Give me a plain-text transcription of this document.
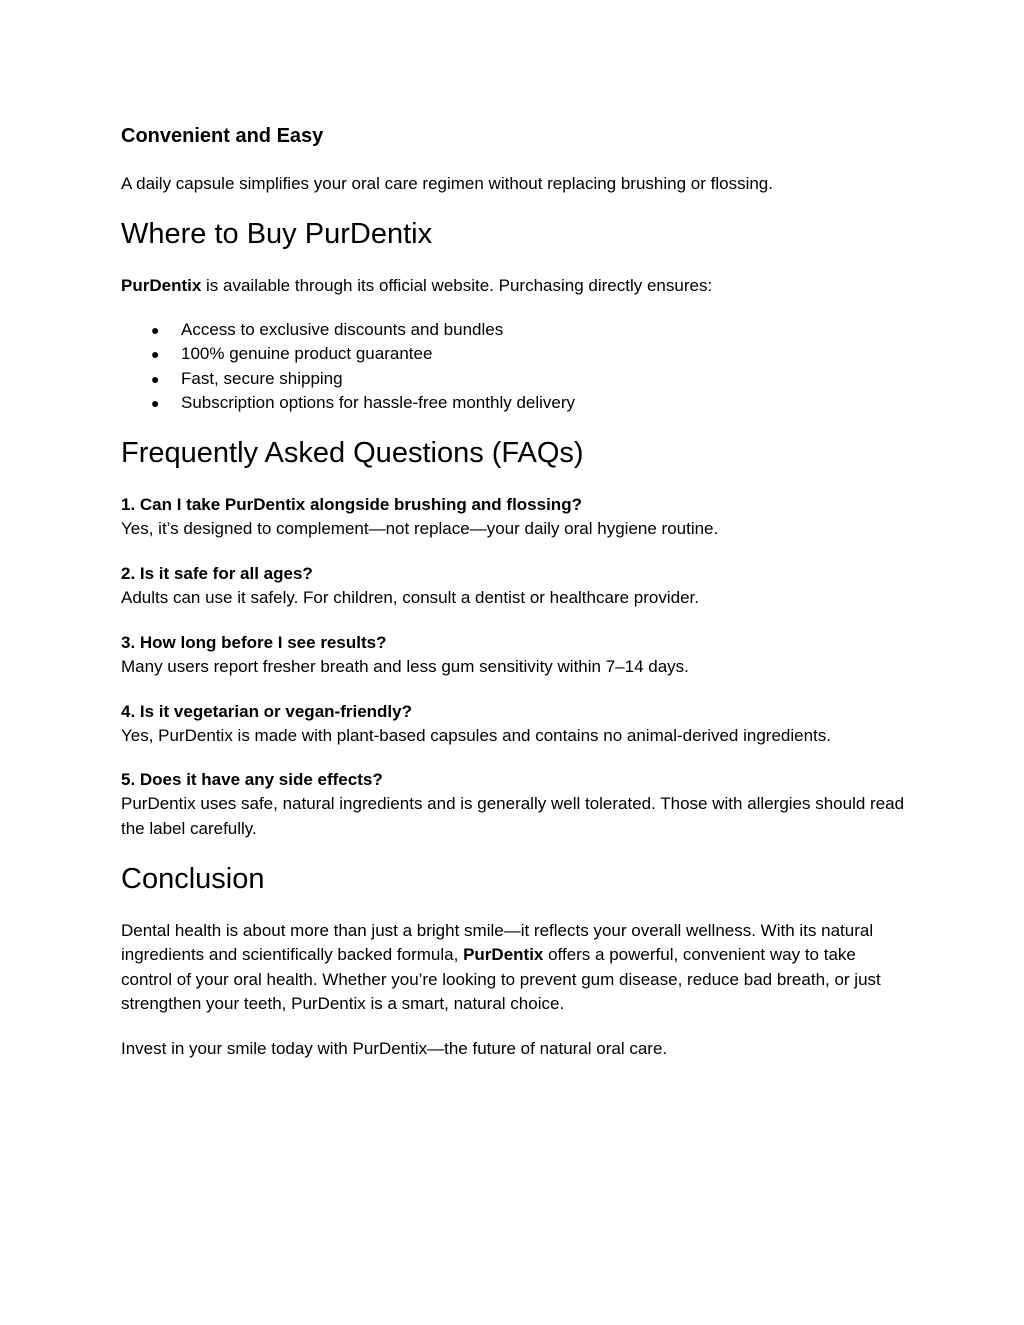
Convenient and Easy

A daily capsule simplifies your oral care regimen without replacing brushing or flossing.

Where to Buy PurDentix

PurDentix is available through its official website. Purchasing directly ensures:

● Access to exclusive discounts and bundles
● 100% genuine product guarantee
● Fast, secure shipping
● Subscription options for hassle-free monthly delivery
Frequently Asked Questions (FAQs)
1. Can I take PurDentix alongside brushing and flossing?
Yes, it’s designed to complement—not replace—your daily oral hygiene routine.
2. Is it safe for all ages?
Adults can use it safely. For children, consult a dentist or healthcare provider.
3. How long before I see results?
Many users report fresher breath and less gum sensitivity within 7–14 days.
4. Is it vegetarian or vegan-friendly?
Yes, PurDentix is made with plant-based capsules and contains no animal-derived ingredients.
5. Does it have any side effects?
PurDentix uses safe, natural ingredients and is generally well tolerated. Those with allergies should read the label carefully.
Conclusion

Dental health is about more than just a bright smile—it reflects your overall wellness. With its natural ingredients and scientifically backed formula, PurDentix offers a powerful, convenient way to take control of your oral health. Whether you’re looking to prevent gum disease, reduce bad breath, or just strengthen your teeth, PurDentix is a smart, natural choice.

Invest in your smile today with PurDentix—the future of natural oral care.
